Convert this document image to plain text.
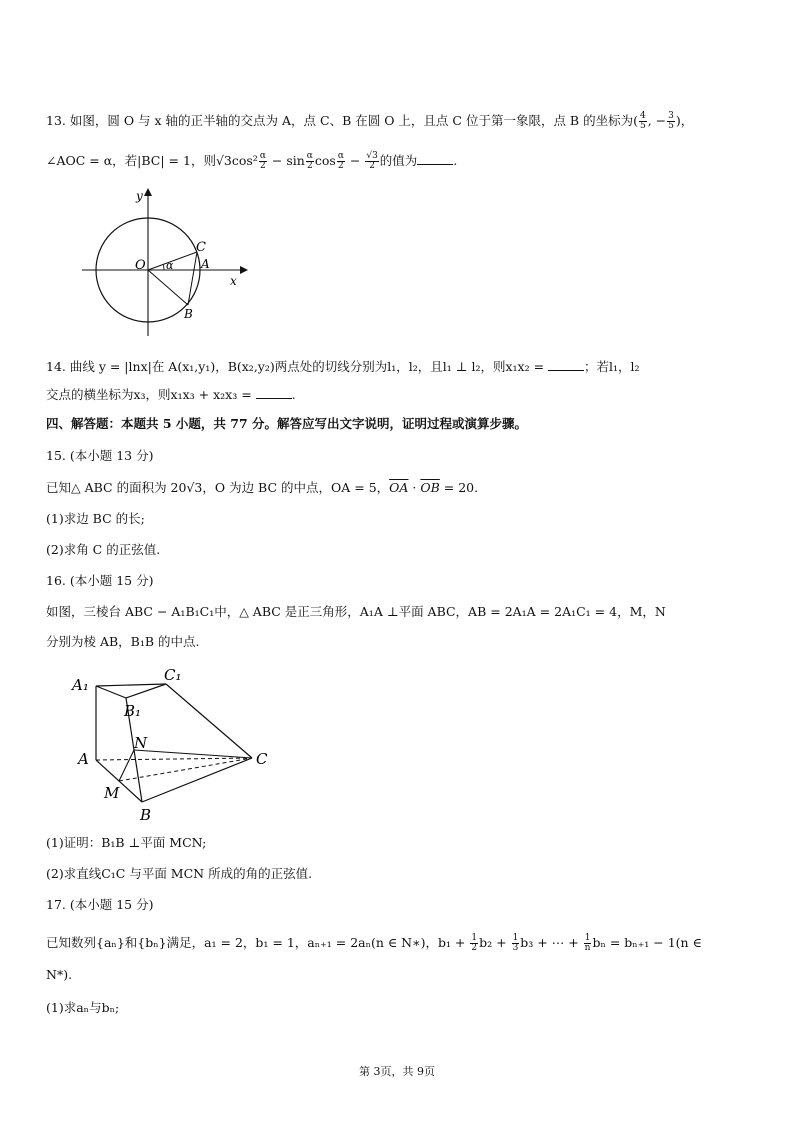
13. 如图，圆 O 与 x 轴的正半轴的交点为 A，点 C、B 在圆 O 上，且点 C 位于第一象限，点 B 的坐标为( $\frac{4}{5}$ , − $\frac{3}{5}$ )，
∠AOC = α，若|BC| = 1，则$√3\cos^2 \frac{\alpha}{2} - \sin \frac{\alpha}{2}$ $\cos \frac{\alpha}{2} - \frac{√3}{2}$ 的值为	.
y
x
O α A
C
B
14. 曲线 y = |lnx|在 A(x₁,y₁)，B(x₂,y₂)两点处的切线分别为l₁，l₂，且l₁ ⊥ l₂，则x₁x₂ =	；若l₁，l₂
交点的横坐标为x₃，则x₁x₃ + x₂x₃ =	.
四、解答题：本题共 5 小题，共 77 分。解答应写出文字说明，证明过程或演算步骤。
15. (本小题 13 分)
已知△ ABC 的面积为 20√3，O 为边 BC 的中点，OA = 5，$\overline{OA} \cdot \overline{OB} = 20$.
(1)求边 BC 的长;
(2)求角 C 的正弦值.
16. (本小题 15 分)
如图，三棱台 ABC − A₁B₁C₁中，△ ABC 是正三角形，A₁A ⊥平面 ABC，AB = 2A₁A = 2A₁C₁ = 4，M，N
分别为棱 AB，B₁B 的中点.
A₁
C₁
B₁
N
A	C
M
B
(1)证明：B₁B ⊥平面 MCN;
(2)求直线C₁C 与平面 MCN 所成的角的正弦值.
17. (本小题 15 分)
已知数列{aₙ}和{bₙ}满足，a₁ = 2，b₁ = 1，aₙ₊₁ = 2aₙ(n ∈ N∗)，$b_1 + \frac{1}{2} b_2 + \frac{1}{3} b_3$ + ⋯ + $\frac{1}{n}$ bₙ = bₙ₊₁ − 1(n ∈
N*).
(1)求aₙ与bₙ;
第 3页，共 9页
